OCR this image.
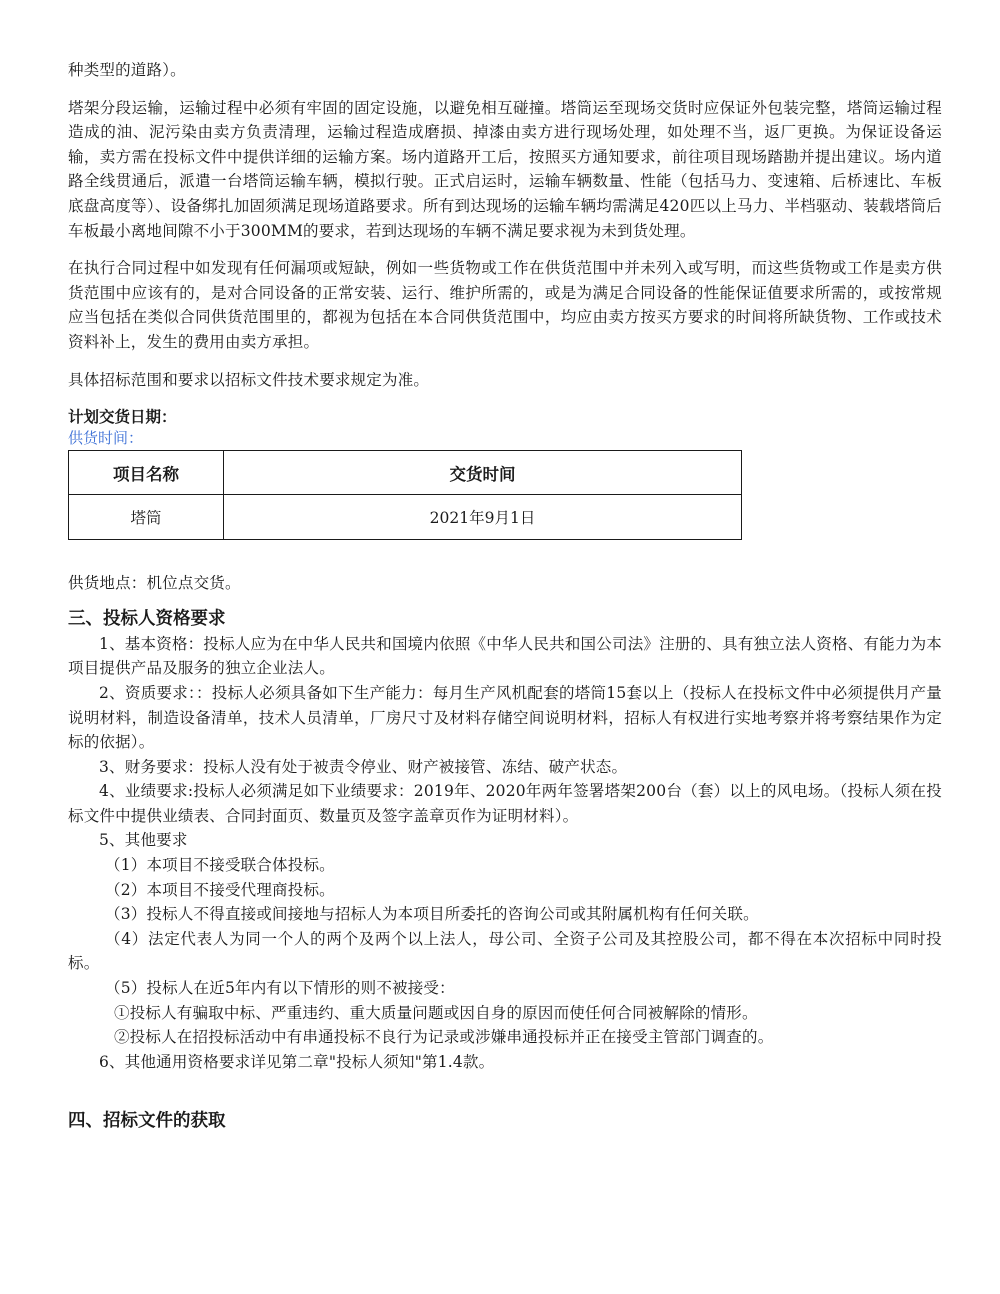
种类型的道路）。

塔架分段运输，运输过程中必须有牢固的固定设施，以避免相互碰撞。塔筒运至现场交货时应保证外包装完整，塔筒运输过程造成的油、泥污染由卖方负责清理，运输过程造成磨损、掉漆由卖方进行现场处理，如处理不当，返厂更换。为保证设备运输，卖方需在投标文件中提供详细的运输方案。场内道路开工后，按照买方通知要求，前往项目现场踏勘并提出建议。场内道路全线贯通后，派遣一台塔筒运输车辆，模拟行驶。正式启运时，运输车辆数量、性能（包括马力、变速箱、后桥速比、车板底盘高度等）、设备绑扎加固须满足现场道路要求。所有到达现场的运输车辆均需满足420匹以上马力、半档驱动、装载塔筒后车板最小离地间隙不小于300MM的要求，若到达现场的车辆不满足要求视为未到货处理。

在执行合同过程中如发现有任何漏项或短缺，例如一些货物或工作在供货范围中并未列入或写明，而这些货物或工作是卖方供货范围中应该有的，是对合同设备的正常安装、运行、维护所需的，或是为满足合同设备的性能保证值要求所需的，或按常规应当包括在类似合同供货范围里的，都视为包括在本合同供货范围中，均应由卖方按买方要求的时间将所缺货物、工作或技术资料补上，发生的费用由卖方承担。

具体招标范围和要求以招标文件技术要求规定为准。

计划交货日期：
供货时间：
项目名称	交货时间
塔筒	2021年9月1日

供货地点：机位点交货。

三、投标人资格要求

1、基本资格：投标人应为在中华人民共和国境内依照《中华人民共和国公司法》注册的、具有独立法人资格、有能力为本项目提供产品及服务的独立企业法人。

2、资质要求：：投标人必须具备如下生产能力：每月生产风机配套的塔筒15套以上（投标人在投标文件中必须提供月产量说明材料，制造设备清单，技术人员清单，厂房尺寸及材料存储空间说明材料，招标人有权进行实地考察并将考察结果作为定标的依据）。

3、财务要求：投标人没有处于被责令停业、财产被接管、冻结、破产状态。

4、业绩要求:投标人必须满足如下业绩要求：2019年、2020年两年签署塔架200台（套）以上的风电场。（投标人须在投标文件中提供业绩表、合同封面页、数量页及签字盖章页作为证明材料）。

5、其他要求

（1）本项目不接受联合体投标。

（2）本项目不接受代理商投标。

（3）投标人不得直接或间接地与招标人为本项目所委托的咨询公司或其附属机构有任何关联。

（4）法定代表人为同一个人的两个及两个以上法人，母公司、全资子公司及其控股公司，都不得在本次招标中同时投标。

（5）投标人在近5年内有以下情形的则不被接受：

①投标人有骗取中标、严重违约、重大质量问题或因自身的原因而使任何合同被解除的情形。

②投标人在招投标活动中有串通投标不良行为记录或涉嫌串通投标并正在接受主管部门调查的。

6、其他通用资格要求详见第二章"投标人须知"第1.4款。

四、招标文件的获取
